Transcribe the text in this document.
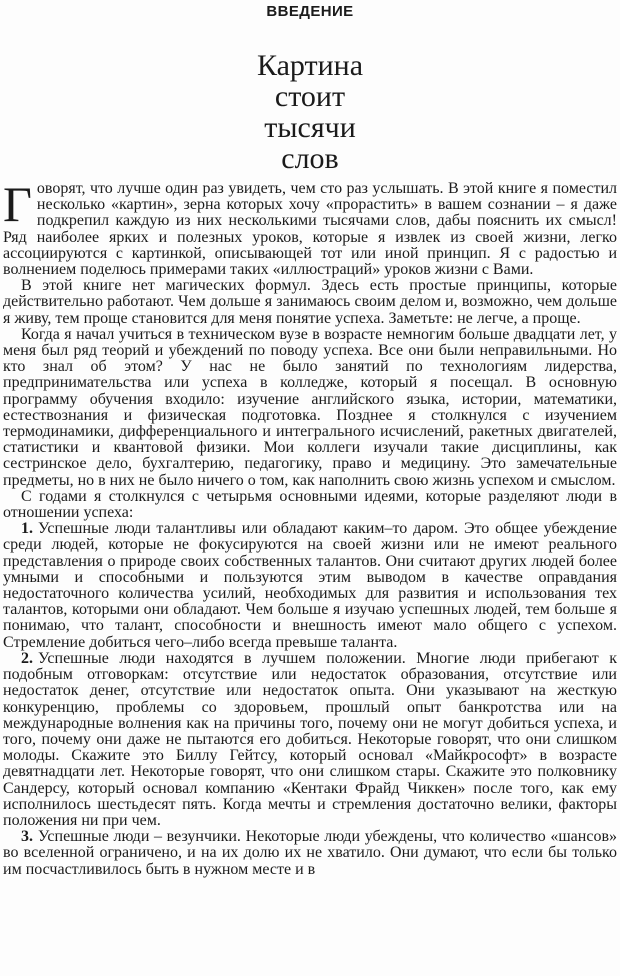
ВВЕДЕНИЕ
Картина
стоит
тысячи
слов

Говорят, что лучше один раз увидеть, чем сто раз услышать. В этой книге я поместил несколько «картин», зерна которых хочу «прорастить» в вашем сознании – я даже подкрепил каждую из них несколькими тысячами слов, дабы пояснить их смысл! Ряд наиболее ярких и полезных уроков, которые я извлек из своей жизни, легко ассоциируются с картинкой, описывающей тот или иной принцип. Я с радостью и волнением поделюсь примерами таких «иллюстраций» уроков жизни с Вами.

В этой книге нет магических формул. Здесь есть простые принципы, которые действительно работают. Чем дольше я занимаюсь своим делом и, возможно, чем дольше я живу, тем проще становится для меня понятие успеха. Заметьте: не легче, а проще.

Когда я начал учиться в техническом вузе в возрасте немногим больше двадцати лет, у меня был ряд теорий и убеждений по поводу успеха. Все они были неправильными. Но кто знал об этом? У нас не было занятий по технологиям лидерства, предпринимательства или успеха в колледже, который я посещал. В основную программу обучения входило: изучение английского языка, истории, математики, естествознания и физическая подготовка. Позднее я столкнулся с изучением термодинамики, дифференциального и интегрального исчислений, ракетных двигателей, статистики и квантовой физики. Мои коллеги изучали такие дисциплины, как сестринское дело, бухгалтерию, педагогику, право и медицину. Это замечательные предметы, но в них не было ничего о том, как наполнить свою жизнь успехом и смыслом.

С годами я столкнулся с четырьмя основными идеями, которые разделяют люди в отношении успеха:

1. Успешные люди талантливы или обладают каким–то даром. Это общее убеждение среди людей, которые не фокусируются на своей жизни или не имеют реального представления о природе своих собственных талантов. Они считают других людей более умными и способными и пользуются этим выводом в качестве оправдания недостаточного количества усилий, необходимых для развития и использования тех талантов, которыми они обладают. Чем больше я изучаю успешных людей, тем больше я понимаю, что талант, способности и внешность имеют мало общего с успехом. Стремление добиться чего–либо всегда превыше таланта.

2. Успешные люди находятся в лучшем положении. Многие люди прибегают к подобным отговоркам: отсутствие или недостаток образования, отсутствие или недостаток денег, отсутствие или недостаток опыта. Они указывают на жесткую конкуренцию, проблемы со здоровьем, прошлый опыт банкротства или на международные волнения как на причины того, почему они не могут добиться успеха, и того, почему они даже не пытаются его добиться. Некоторые говорят, что они слишком молоды. Скажите это Биллу Гейтсу, который основал «Майкрософт» в возрасте девятнадцати лет. Некоторые говорят, что они слишком стары. Скажите это полковнику Сандерсу, который основал компанию «Кентаки Фрайд Чиккен» после того, как ему исполнилось шестьдесят пять. Когда мечты и стремления достаточно велики, факторы положения ни при чем.

3. Успешные люди – везунчики. Некоторые люди убеждены, что количество «шансов» во вселенной ограничено, и на их долю их не хватило. Они думают, что если бы только им посчастливилось быть в нужном месте и в
